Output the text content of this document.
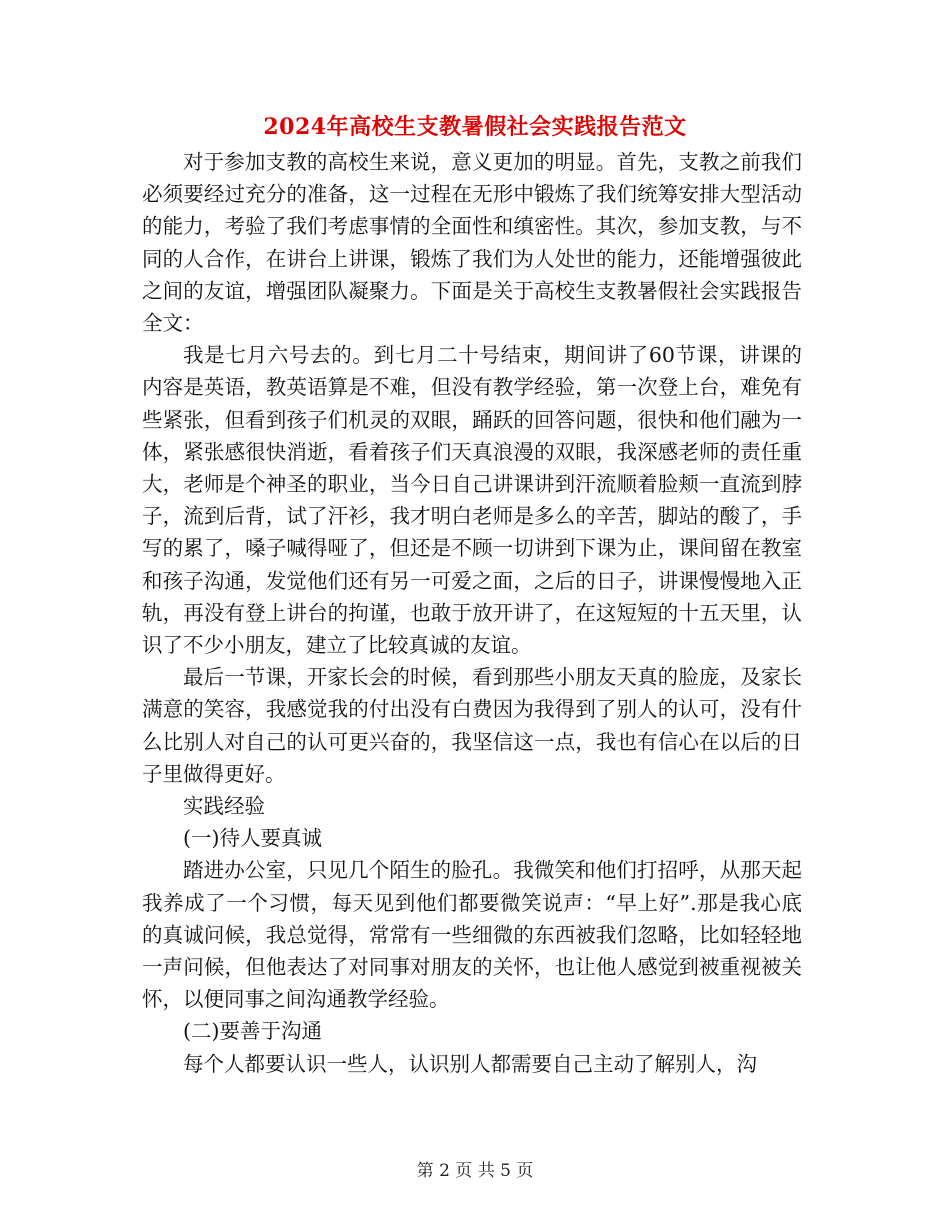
2024年高校生支教暑假社会实践报告范文

对于参加支教的高校生来说，意义更加的明显。首先，支教之前我们必须要经过充分的准备，这一过程在无形中锻炼了我们统筹安排大型活动的能力，考验了我们考虑事情的全面性和缜密性。其次，参加支教，与不同的人合作，在讲台上讲课，锻炼了我们为人处世的能力，还能增强彼此之间的友谊，增强团队凝聚力。下面是关于高校生支教暑假社会实践报告全文：

我是七月六号去的。到七月二十号结束，期间讲了60节课，讲课的内容是英语，教英语算是不难，但没有教学经验，第一次登上台，难免有些紧张，但看到孩子们机灵的双眼，踊跃的回答问题，很快和他们融为一体，紧张感很快消逝，看着孩子们天真浪漫的双眼，我深感老师的责任重大，老师是个神圣的职业，当今日自己讲课讲到汗流顺着脸颊一直流到脖子，流到后背，试了汗衫，我才明白老师是多么的辛苦，脚站的酸了，手写的累了，嗓子喊得哑了，但还是不顾一切讲到下课为止，课间留在教室和孩子沟通，发觉他们还有另一可爱之面，之后的日子，讲课慢慢地入正轨，再没有登上讲台的拘谨，也敢于放开讲了，在这短短的十五天里，认识了不少小朋友，建立了比较真诚的友谊。

最后一节课，开家长会的时候，看到那些小朋友天真的脸庞，及家长满意的笑容，我感觉我的付出没有白费因为我得到了别人的认可，没有什么比别人对自己的认可更兴奋的，我坚信这一点，我也有信心在以后的日子里做得更好。

实践经验

(一)待人要真诚

踏进办公室，只见几个陌生的脸孔。我微笑和他们打招呼，从那天起我养成了一个习惯，每天见到他们都要微笑说声：“早上好”.那是我心底的真诚问候，我总觉得，常常有一些细微的东西被我们忽略，比如轻轻地一声问候，但他表达了对同事对朋友的关怀，也让他人感觉到被重视被关怀，以便同事之间沟通教学经验。

(二)要善于沟通

每个人都要认识一些人，认识别人都需要自己主动了解别人，沟

第 2 页 共 5 页
